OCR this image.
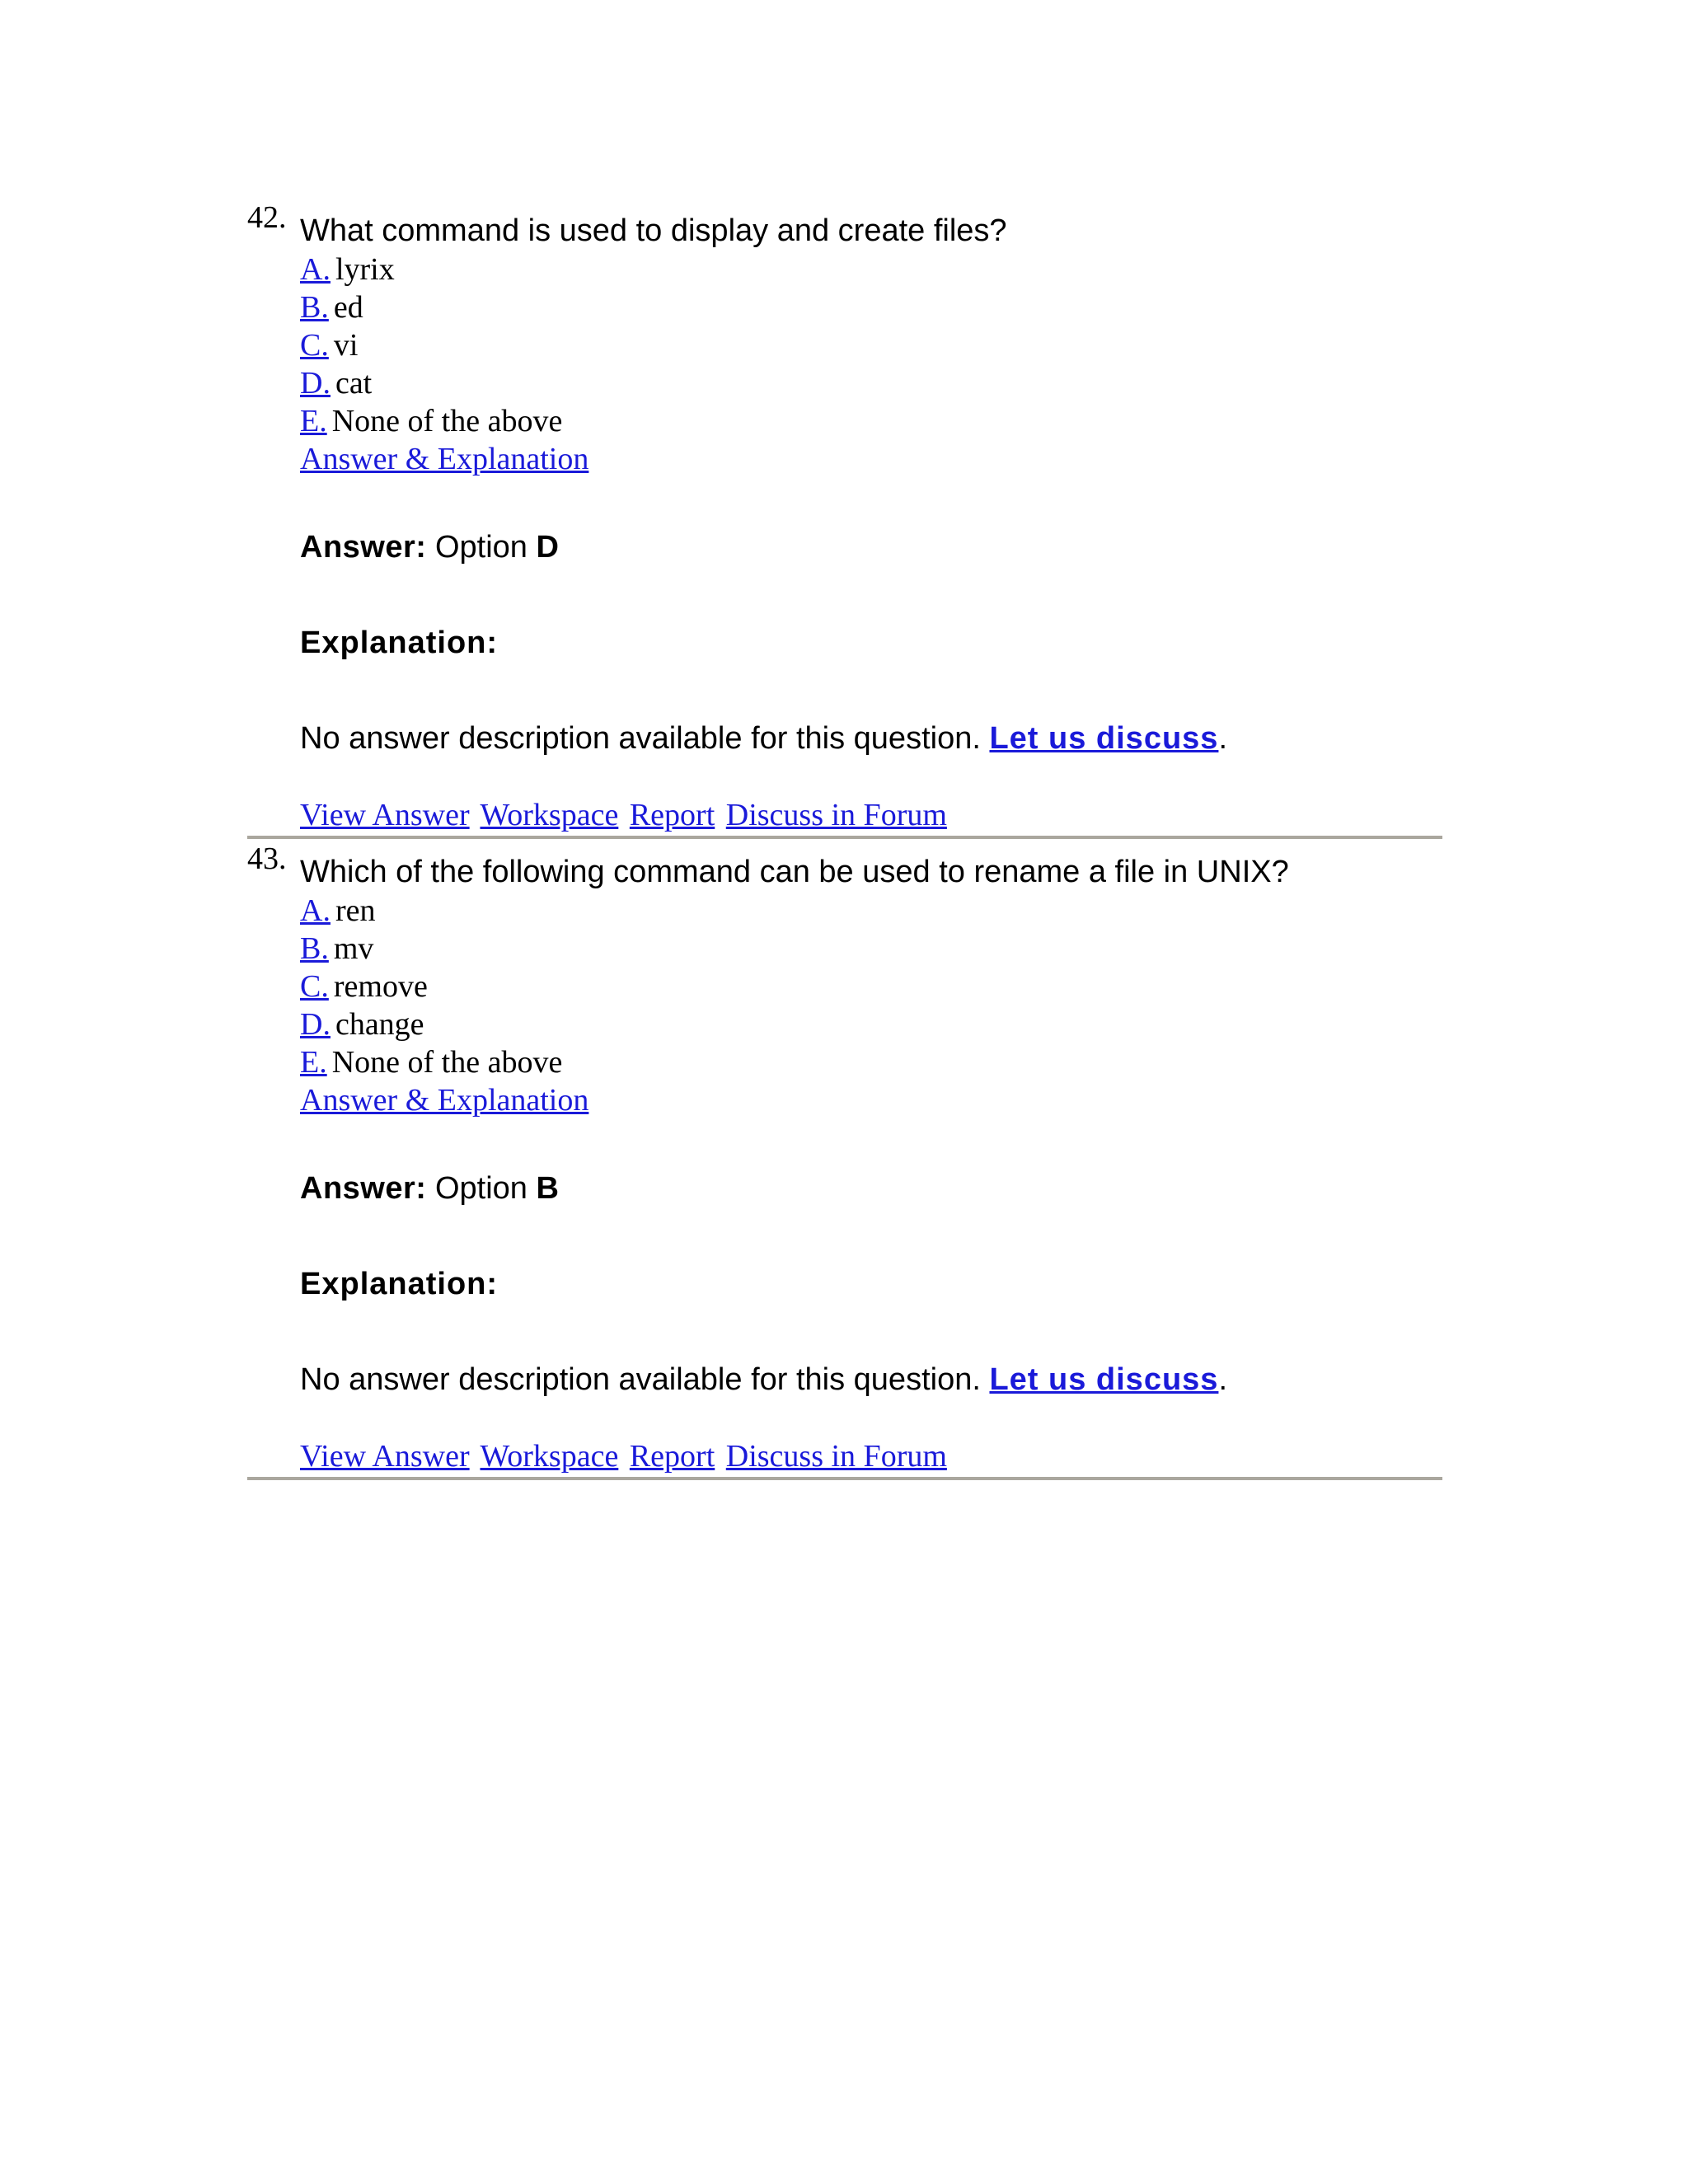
42. What command is used to display and create files?
A. lyrix
B. ed
C. vi
D. cat
E. None of the above
Answer & Explanation
Answer: Option D
Explanation:
No answer description available for this question. Let us discuss.
View Answer Workspace Report Discuss in Forum
43. Which of the following command can be used to rename a file in UNIX?
A. ren
B. mv
C. remove
D. change
E. None of the above
Answer & Explanation
Answer: Option B
Explanation:
No answer description available for this question. Let us discuss.
View Answer Workspace Report Discuss in Forum
